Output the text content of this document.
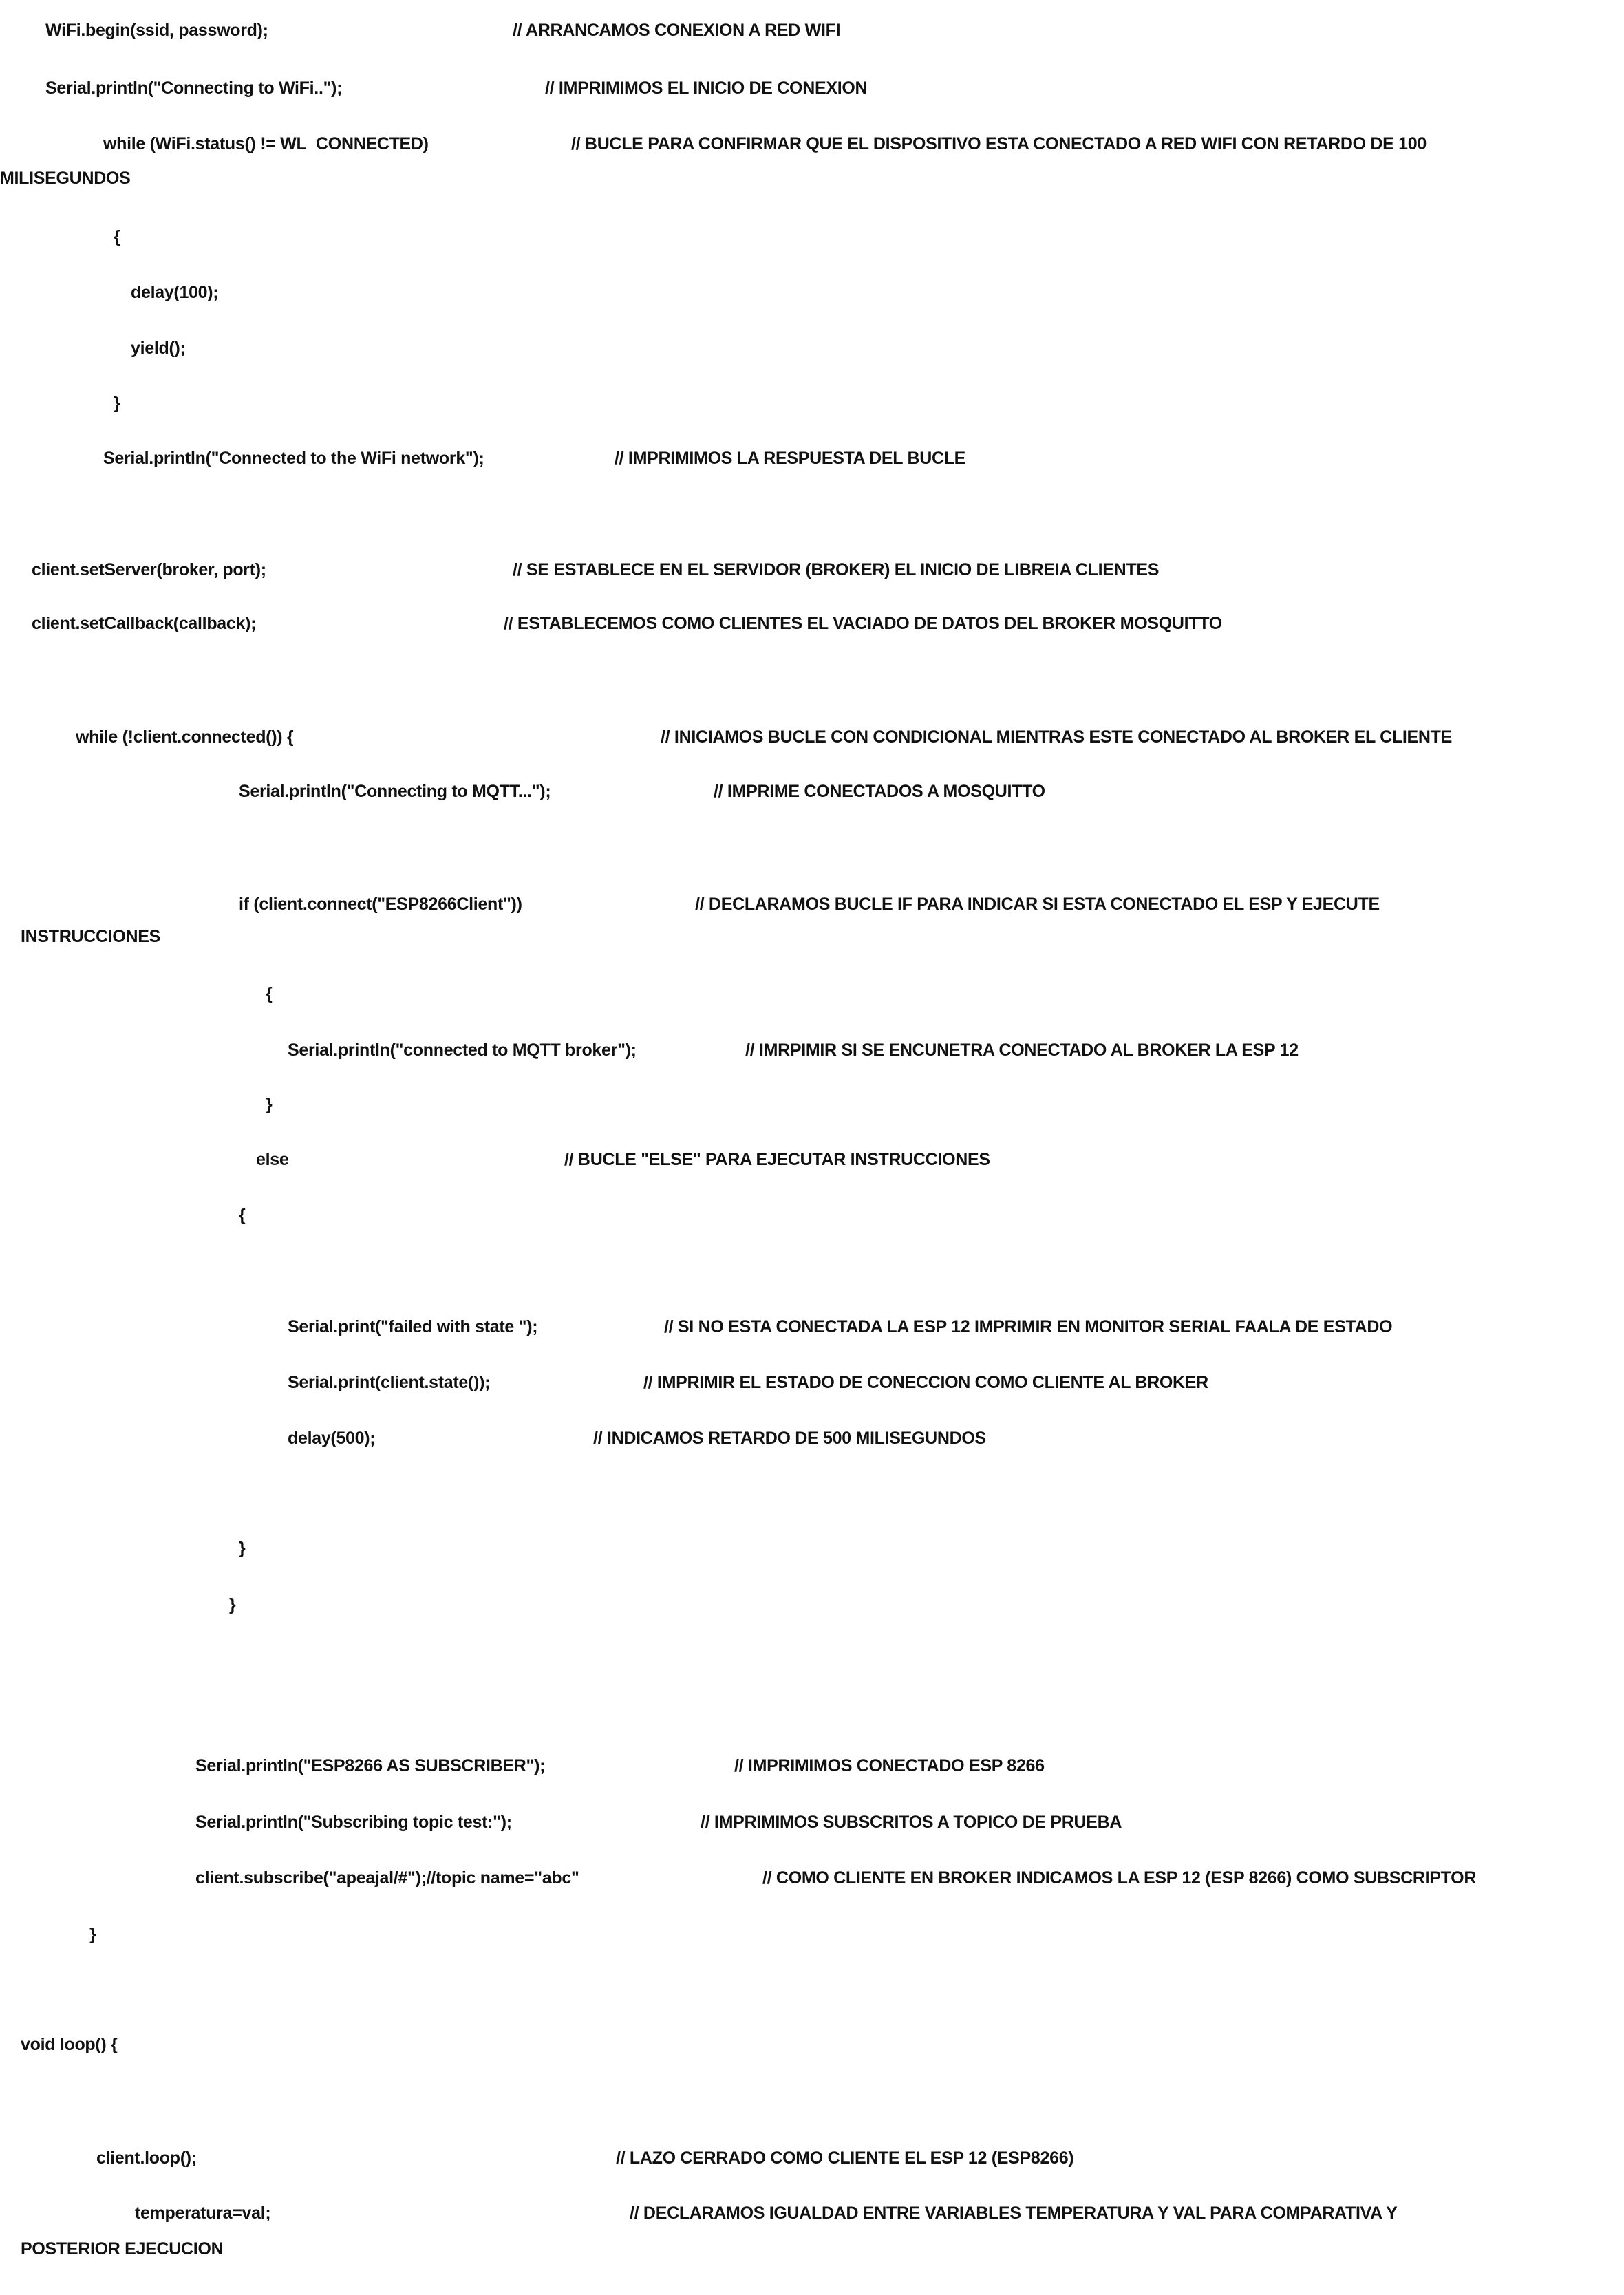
WiFi.begin(ssid, password);	// ARRANCAMOS CONEXION A RED WIFI
Serial.println("Connecting to WiFi..");	// IMPRIMIMOS EL INICIO DE CONEXION
while (WiFi.status() != WL_CONNECTED)	// BUCLE PARA CONFIRMAR QUE EL DISPOSITIVO ESTA CONECTADO A RED WIFI CON RETARDO DE 100
MILISEGUNDOS
{
delay(100);
yield();
}
Serial.println("Connected to the WiFi network");	// IMPRIMIMOS LA RESPUESTA DEL BUCLE
client.setServer(broker, port);	// SE ESTABLECE EN EL SERVIDOR (BROKER) EL INICIO DE LIBREIA CLIENTES
client.setCallback(callback);	// ESTABLECEMOS COMO CLIENTES EL VACIADO DE DATOS DEL BROKER MOSQUITTO
while (!client.connected()) {	// INICIAMOS BUCLE CON CONDICIONAL MIENTRAS ESTE CONECTADO AL BROKER EL CLIENTE
Serial.println("Connecting to MQTT...");	// IMPRIME CONECTADOS A MOSQUITTO
if (client.connect("ESP8266Client"))	// DECLARAMOS BUCLE IF PARA INDICAR SI ESTA CONECTADO EL ESP Y EJECUTE
INSTRUCCIONES
{
Serial.println("connected to MQTT broker");	// IMRPIMIR SI SE ENCUNETRA CONECTADO AL BROKER LA ESP 12
}
else	// BUCLE "ELSE" PARA EJECUTAR INSTRUCCIONES
{
Serial.print("failed with state ");	// SI NO ESTA CONECTADA LA ESP 12 IMPRIMIR EN MONITOR SERIAL FAALA DE ESTADO
Serial.print(client.state());	// IMPRIMIR EL ESTADO DE CONECCION COMO CLIENTE AL BROKER
delay(500);	// INDICAMOS RETARDO DE 500 MILISEGUNDOS
}
}
Serial.println("ESP8266 AS SUBSCRIBER");	// IMPRIMIMOS CONECTADO ESP 8266
Serial.println("Subscribing topic test:");	// IMPRIMIMOS SUBSCRITOS A TOPICO DE PRUEBA
client.subscribe("apeajal/#");//topic name="abc"	// COMO CLIENTE EN BROKER INDICAMOS LA ESP 12 (ESP 8266) COMO SUBSCRIPTOR
}
void loop() {
client.loop();	// LAZO CERRADO COMO CLIENTE EL ESP 12 (ESP8266)
temperatura=val;	// DECLARAMOS IGUALDAD ENTRE VARIABLES TEMPERATURA Y VAL PARA COMPARATIVA Y
POSTERIOR EJECUCION
